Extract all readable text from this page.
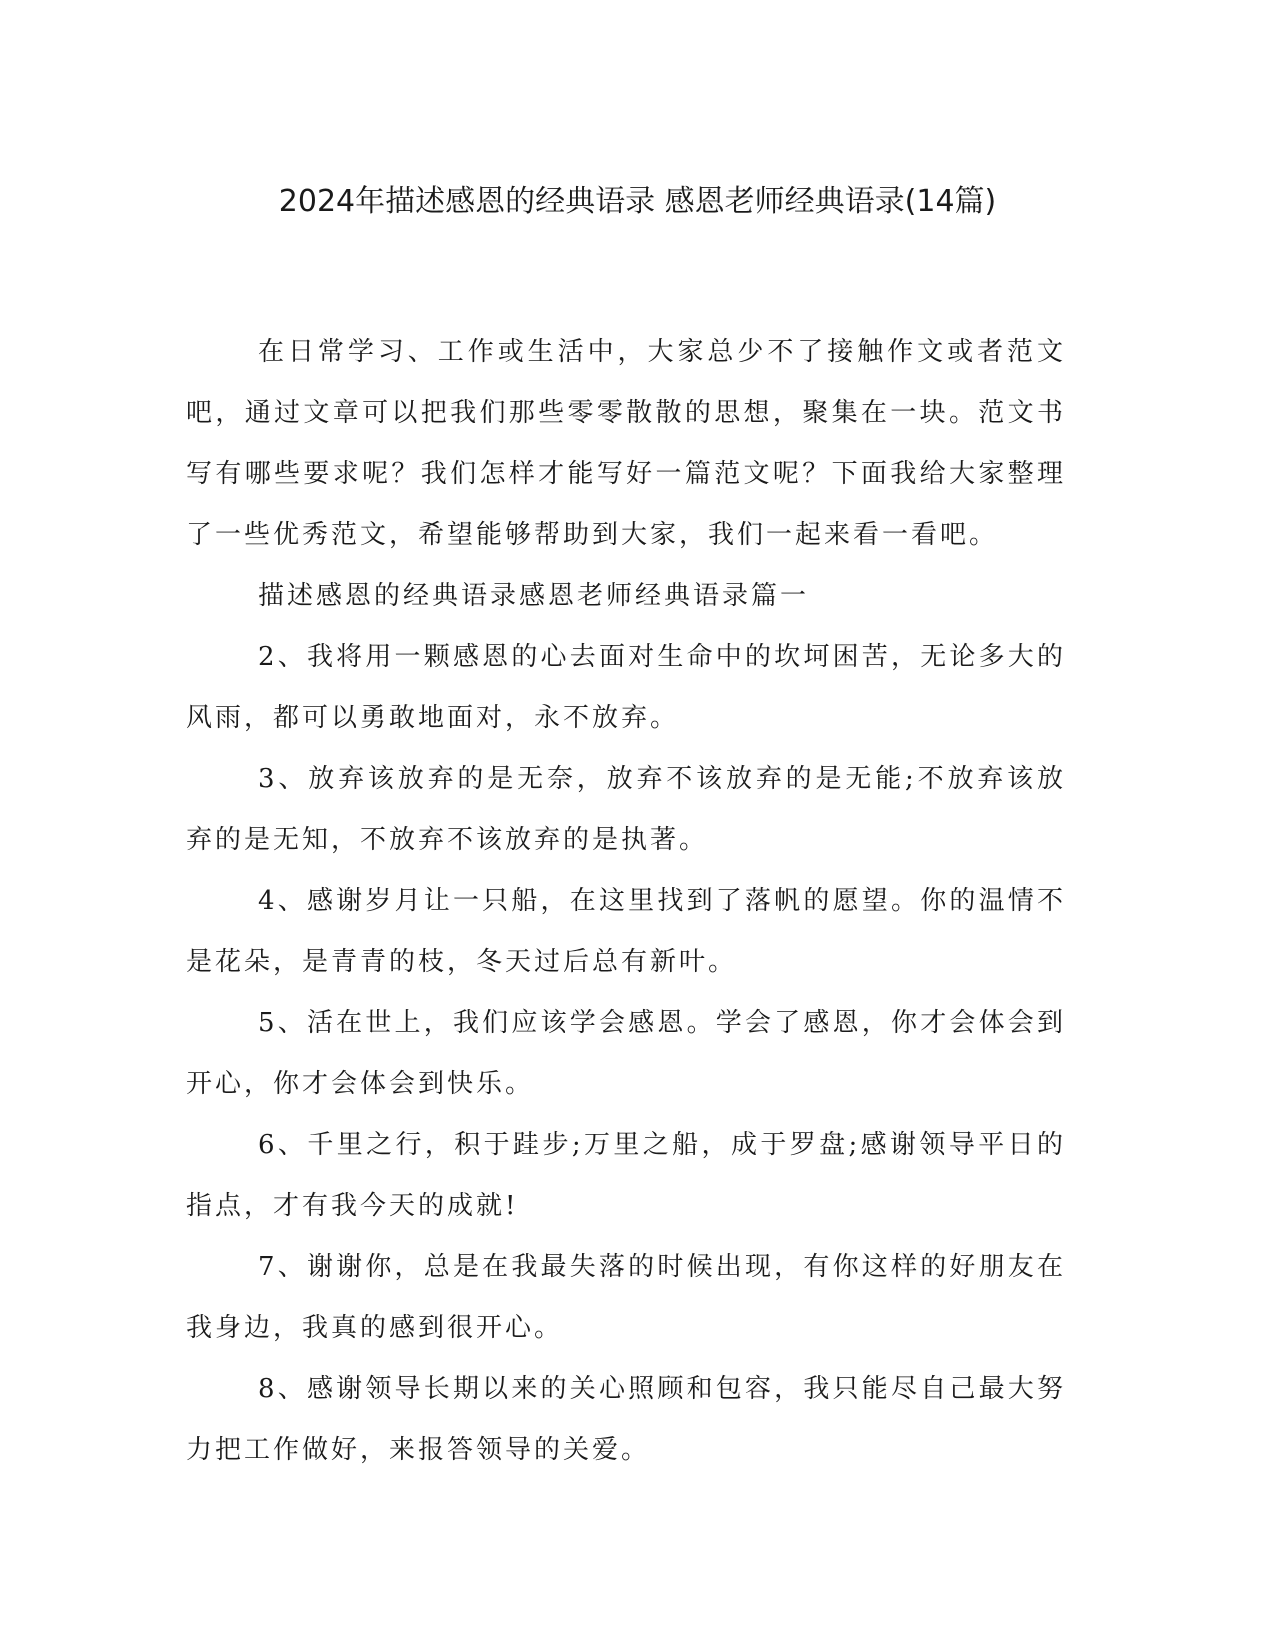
2024年描述感恩的经典语录 感恩老师经典语录(14篇)

在日常学习、工作或生活中，大家总少不了接触作文或者范文吧，通过文章可以把我们那些零零散散的思想，聚集在一块。范文书写有哪些要求呢？我们怎样才能写好一篇范文呢？下面我给大家整理了一些优秀范文，希望能够帮助到大家，我们一起来看一看吧。

描述感恩的经典语录感恩老师经典语录篇一

2、我将用一颗感恩的心去面对生命中的坎坷困苦，无论多大的风雨，都可以勇敢地面对，永不放弃。

3、放弃该放弃的是无奈，放弃不该放弃的是无能;不放弃该放弃的是无知，不放弃不该放弃的是执著。

4、感谢岁月让一只船，在这里找到了落帆的愿望。你的温情不是花朵，是青青的枝，冬天过后总有新叶。

5、活在世上，我们应该学会感恩。学会了感恩，你才会体会到开心，你才会体会到快乐。

6、千里之行，积于跬步;万里之船，成于罗盘;感谢领导平日的指点，才有我今天的成就!

7、谢谢你，总是在我最失落的时候出现，有你这样的好朋友在我身边，我真的感到很开心。

8、感谢领导长期以来的关心照顾和包容，我只能尽自己最大努力把工作做好，来报答领导的关爱。
